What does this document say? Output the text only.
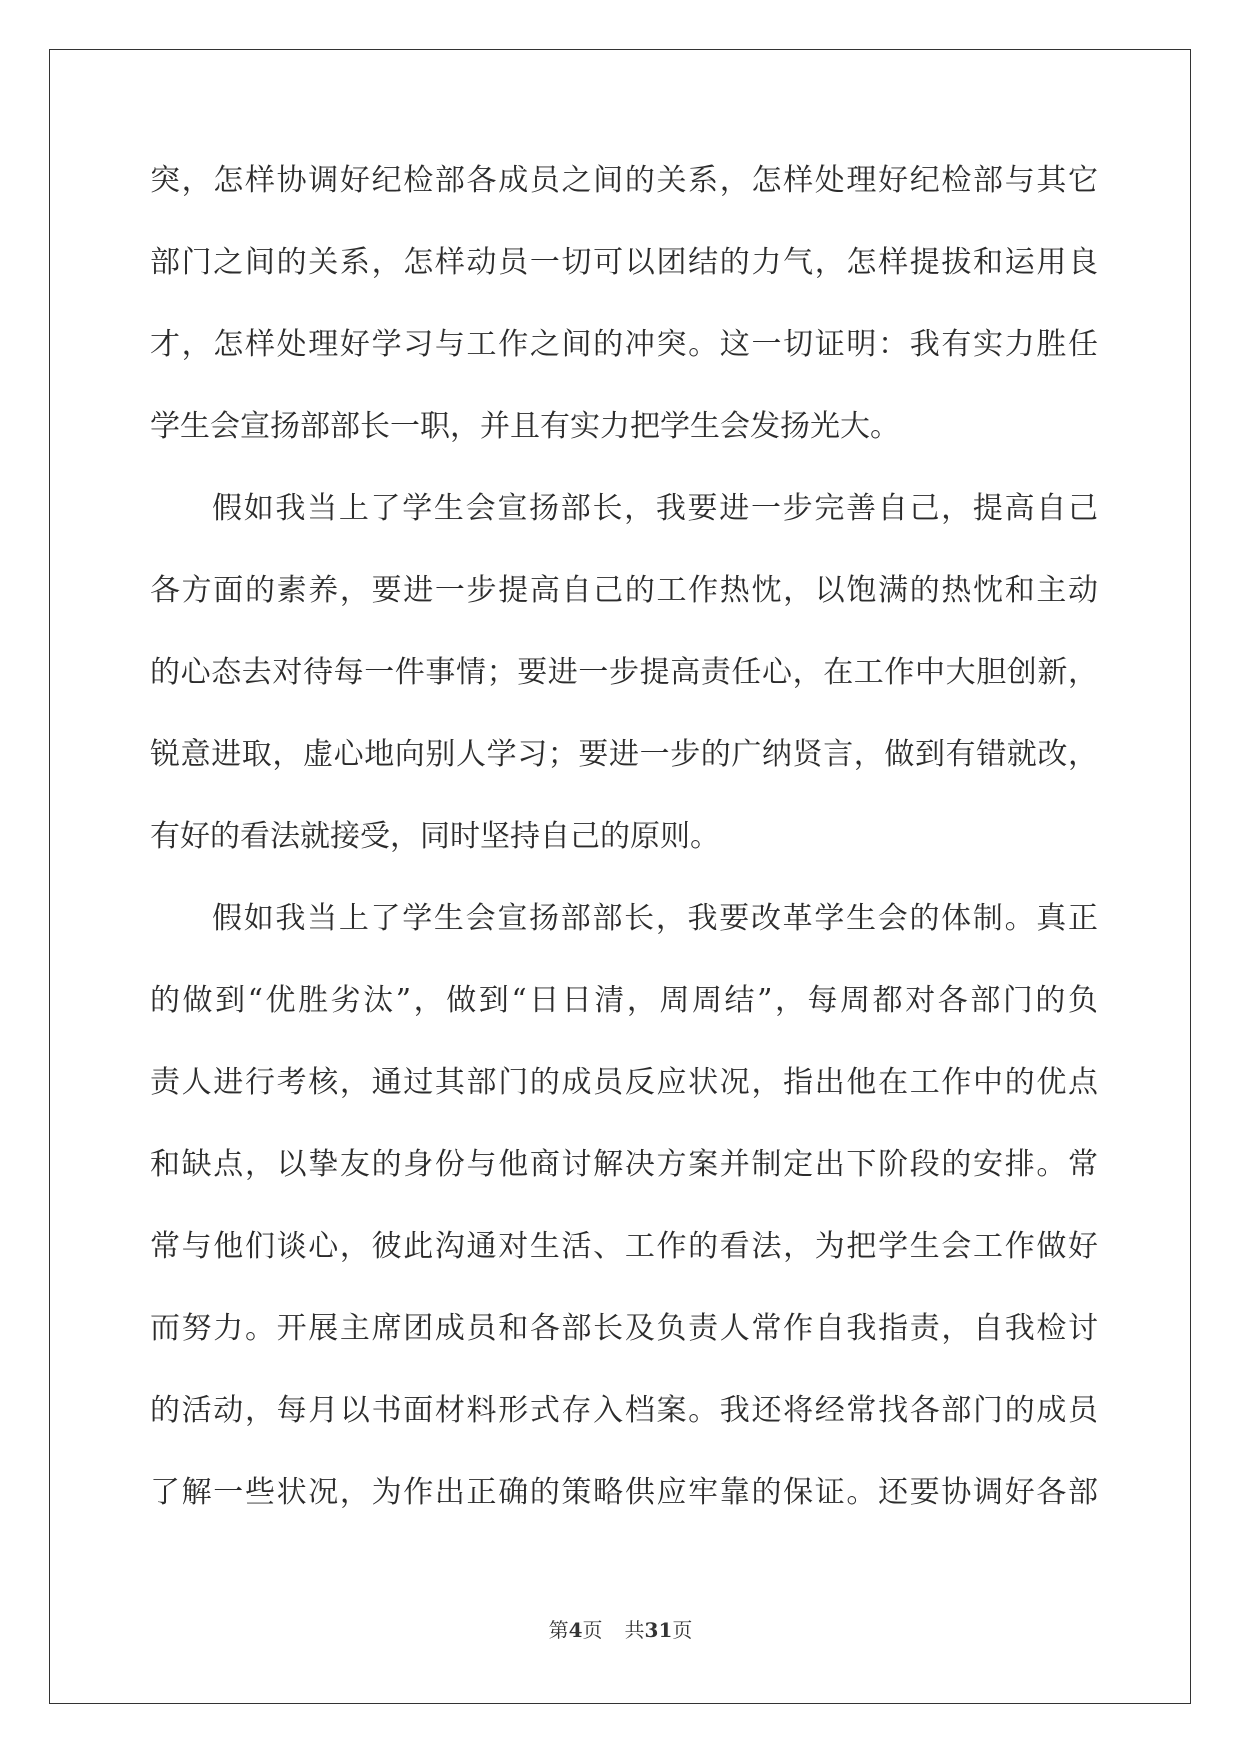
突，怎样协调好纪检部各成员之间的关系，怎样处理好纪检部与其它
部门之间的关系，怎样动员一切可以团结的力气，怎样提拔和运用良
才，怎样处理好学习与工作之间的冲突。这一切证明：我有实力胜任
学生会宣扬部部长一职，并且有实力把学生会发扬光大。
假如我当上了学生会宣扬部长，我要进一步完善自己，提高自己
各方面的素养，要进一步提高自己的工作热忱，以饱满的热忱和主动
的心态去对待每一件事情；要进一步提高责任心，在工作中大胆创新，
锐意进取，虚心地向别人学习；要进一步的广纳贤言，做到有错就改，
有好的看法就接受，同时坚持自己的原则。
假如我当上了学生会宣扬部部长，我要改革学生会的体制。真正
的做到“优胜劣汰”，做到“日日清，周周结”，每周都对各部门的负
责人进行考核，通过其部门的成员反应状况，指出他在工作中的优点
和缺点，以挚友的身份与他商讨解决方案并制定出下阶段的安排。常
常与他们谈心，彼此沟通对生活、工作的看法，为把学生会工作做好
而努力。开展主席团成员和各部长及负责人常作自我指责，自我检讨
的活动，每月以书面材料形式存入档案。我还将经常找各部门的成员
了解一些状况，为作出正确的策略供应牢靠的保证。还要协调好各部
第4页 共31页
